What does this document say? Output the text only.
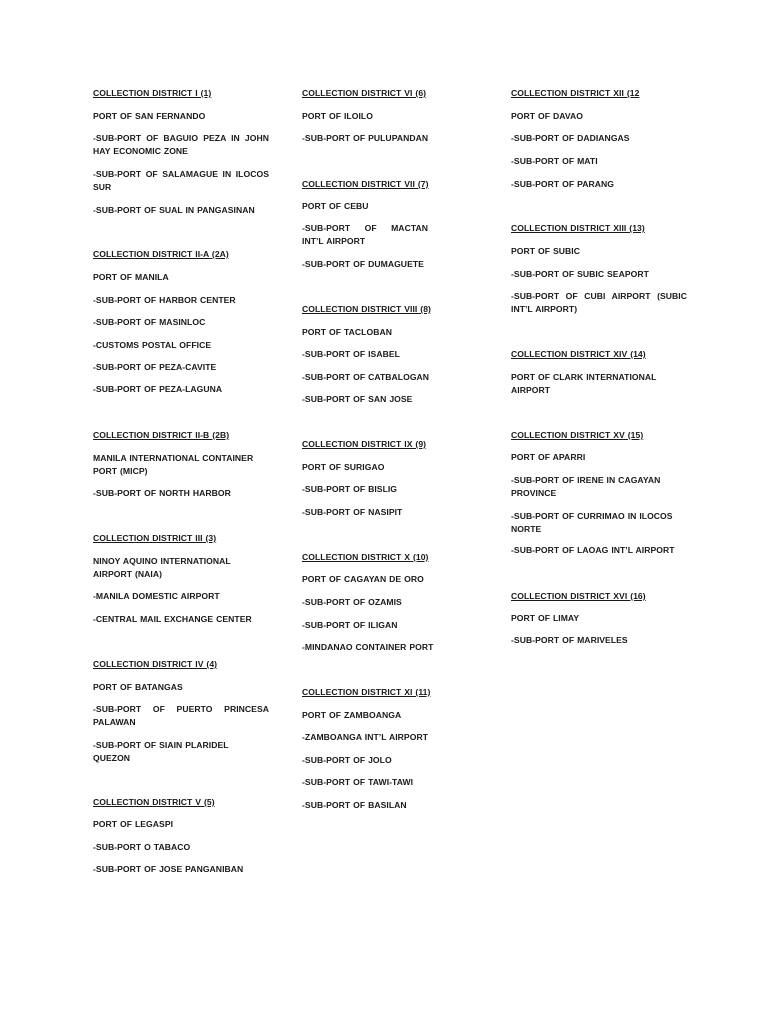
COLLECTION DISTRICT I (1)
PORT OF SAN FERNANDO
-SUB-PORT OF BAGUIO PEZA IN JOHN HAY ECONOMIC ZONE
-SUB-PORT OF SALAMAGUE IN ILOCOS SUR
-SUB-PORT OF SUAL IN PANGASINAN
COLLECTION DISTRICT II-A (2A)
PORT OF MANILA
-SUB-PORT OF HARBOR CENTER
-SUB-PORT OF MASINLOC
-CUSTOMS POSTAL OFFICE
-SUB-PORT OF PEZA-CAVITE
-SUB-PORT OF PEZA-LAGUNA
COLLECTION DISTRICT II-B (2B)
MANILA INTERNATIONAL CONTAINER PORT (MICP)
-SUB-PORT OF NORTH HARBOR
COLLECTION DISTRICT III (3)
NINOY AQUINO INTERNATIONAL AIRPORT (NAIA)
-MANILA DOMESTIC AIRPORT
-CENTRAL MAIL EXCHANGE CENTER
COLLECTION DISTRICT IV (4)
PORT OF BATANGAS
-SUB-PORT OF PUERTO PRINCESA PALAWAN
-SUB-PORT OF SIAIN PLARIDEL QUEZON
COLLECTION DISTRICT V (5)
PORT OF LEGASPI
-SUB-PORT O TABACO
-SUB-PORT OF JOSE PANGANIBAN
COLLECTION DISTRICT VI (6)
PORT OF ILOILO
-SUB-PORT OF PULUPANDAN
COLLECTION DISTRICT VII (7)
PORT OF CEBU
-SUB-PORT OF MACTAN INT’L AIRPORT
-SUB-PORT OF DUMAGUETE
COLLECTION DISTRICT VIII (8)
PORT OF TACLOBAN
-SUB-PORT OF ISABEL
-SUB-PORT OF CATBALOGAN
-SUB-PORT OF SAN JOSE
COLLECTION DISTRICT IX (9)
PORT OF SURIGAO
-SUB-PORT OF BISLIG
-SUB-PORT OF NASIPIT
COLLECTION DISTRICT X (10)
PORT OF CAGAYAN DE ORO
-SUB-PORT OF OZAMIS
-SUB-PORT OF ILIGAN
-MINDANAO CONTAINER PORT
COLLECTION DISTRICT XI (11)
PORT OF ZAMBOANGA
-ZAMBOANGA INT’L AIRPORT
-SUB-PORT OF JOLO
-SUB-PORT OF TAWI-TAWI
-SUB-PORT OF BASILAN
COLLECTION DISTRICT XII (12
PORT OF DAVAO
-SUB-PORT OF DADIANGAS
-SUB-PORT OF MATI
-SUB-PORT OF PARANG
COLLECTION DISTRICT XIII (13)
PORT OF SUBIC
-SUB-PORT OF SUBIC SEAPORT
-SUB-PORT OF CUBI AIRPORT (SUBIC INT’L AIRPORT)
COLLECTION DISTRICT XIV (14)
PORT OF CLARK INTERNATIONAL AIRPORT
COLLECTION DISTRICT XV (15)
PORT OF APARRI
-SUB-PORT OF IRENE IN CAGAYAN PROVINCE
-SUB-PORT OF CURRIMAO IN ILOCOS NORTE
-SUB-PORT OF LAOAG INT’L AIRPORT
COLLECTION DISTRICT XVI (16)
PORT OF LIMAY
-SUB-PORT OF MARIVELES
